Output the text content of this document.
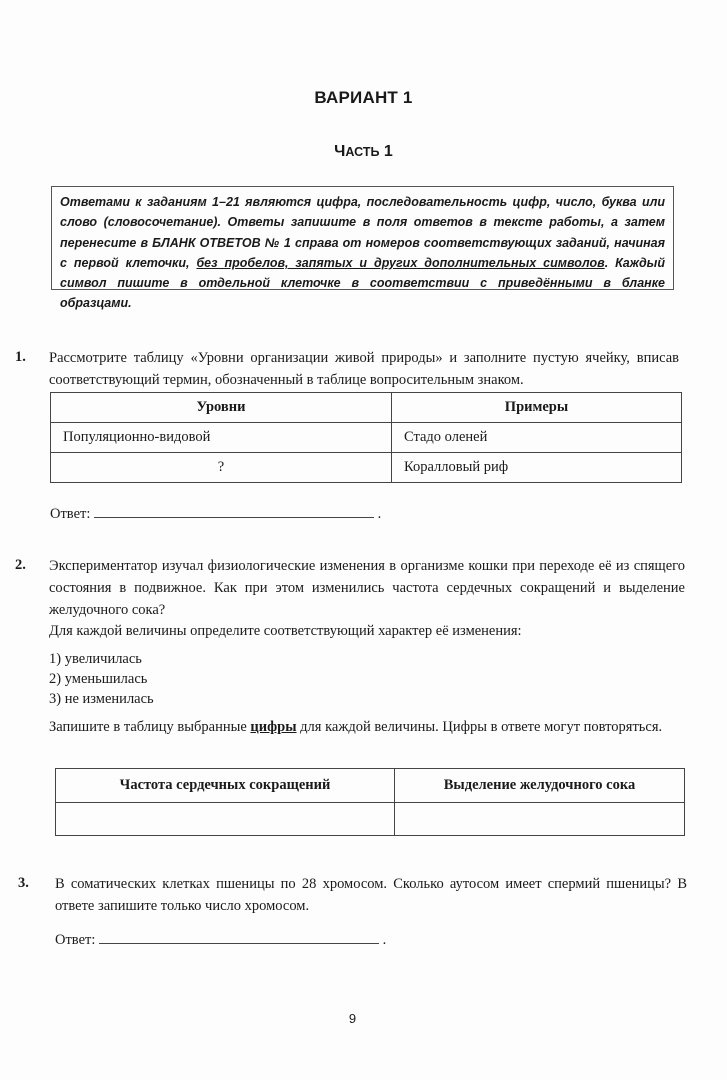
ВАРИАНТ 1
ЧАСТЬ 1
Ответами к заданиям 1–21 являются цифра, последовательность цифр, число, буква или слово (словосочетание). Ответы запишите в поля ответов в тексте работы, а затем перенесите в БЛАНК ОТВЕТОВ № 1 справа от номеров соответствующих заданий, начиная с первой клеточки, без пробелов, запятых и других дополнительных символов. Каждый символ пишите в отдельной клеточке в соответствии с приведёнными в бланке образцами.
1. Рассмотрите таблицу «Уровни организации живой природы» и заполните пустую ячейку, вписав соответствующий термин, обозначенный в таблице вопросительным знаком.
Уровни	Примеры
Популяционно-видовой	Стадо оленей
?	Коралловый риф
Ответ:	.
2. Экспериментатор изучал физиологические изменения в организме кошки при переходе её из спящего состояния в подвижное. Как при этом изменились частота сердечных сокращений и выделение желудочного сока?
Для каждой величины определите соответствующий характер её изменения:
1) увеличилась
2) уменьшилась
3) не изменилась
Запишите в таблицу выбранные цифры для каждой величины. Цифры в ответе могут повторяться.
Частота сердечных сокращений	Выделение желудочного сока

3. В соматических клетках пшеницы по 28 хромосом. Сколько аутосом имеет спермий пшеницы? В ответе запишите только число хромосом.
Ответ:	.
9
